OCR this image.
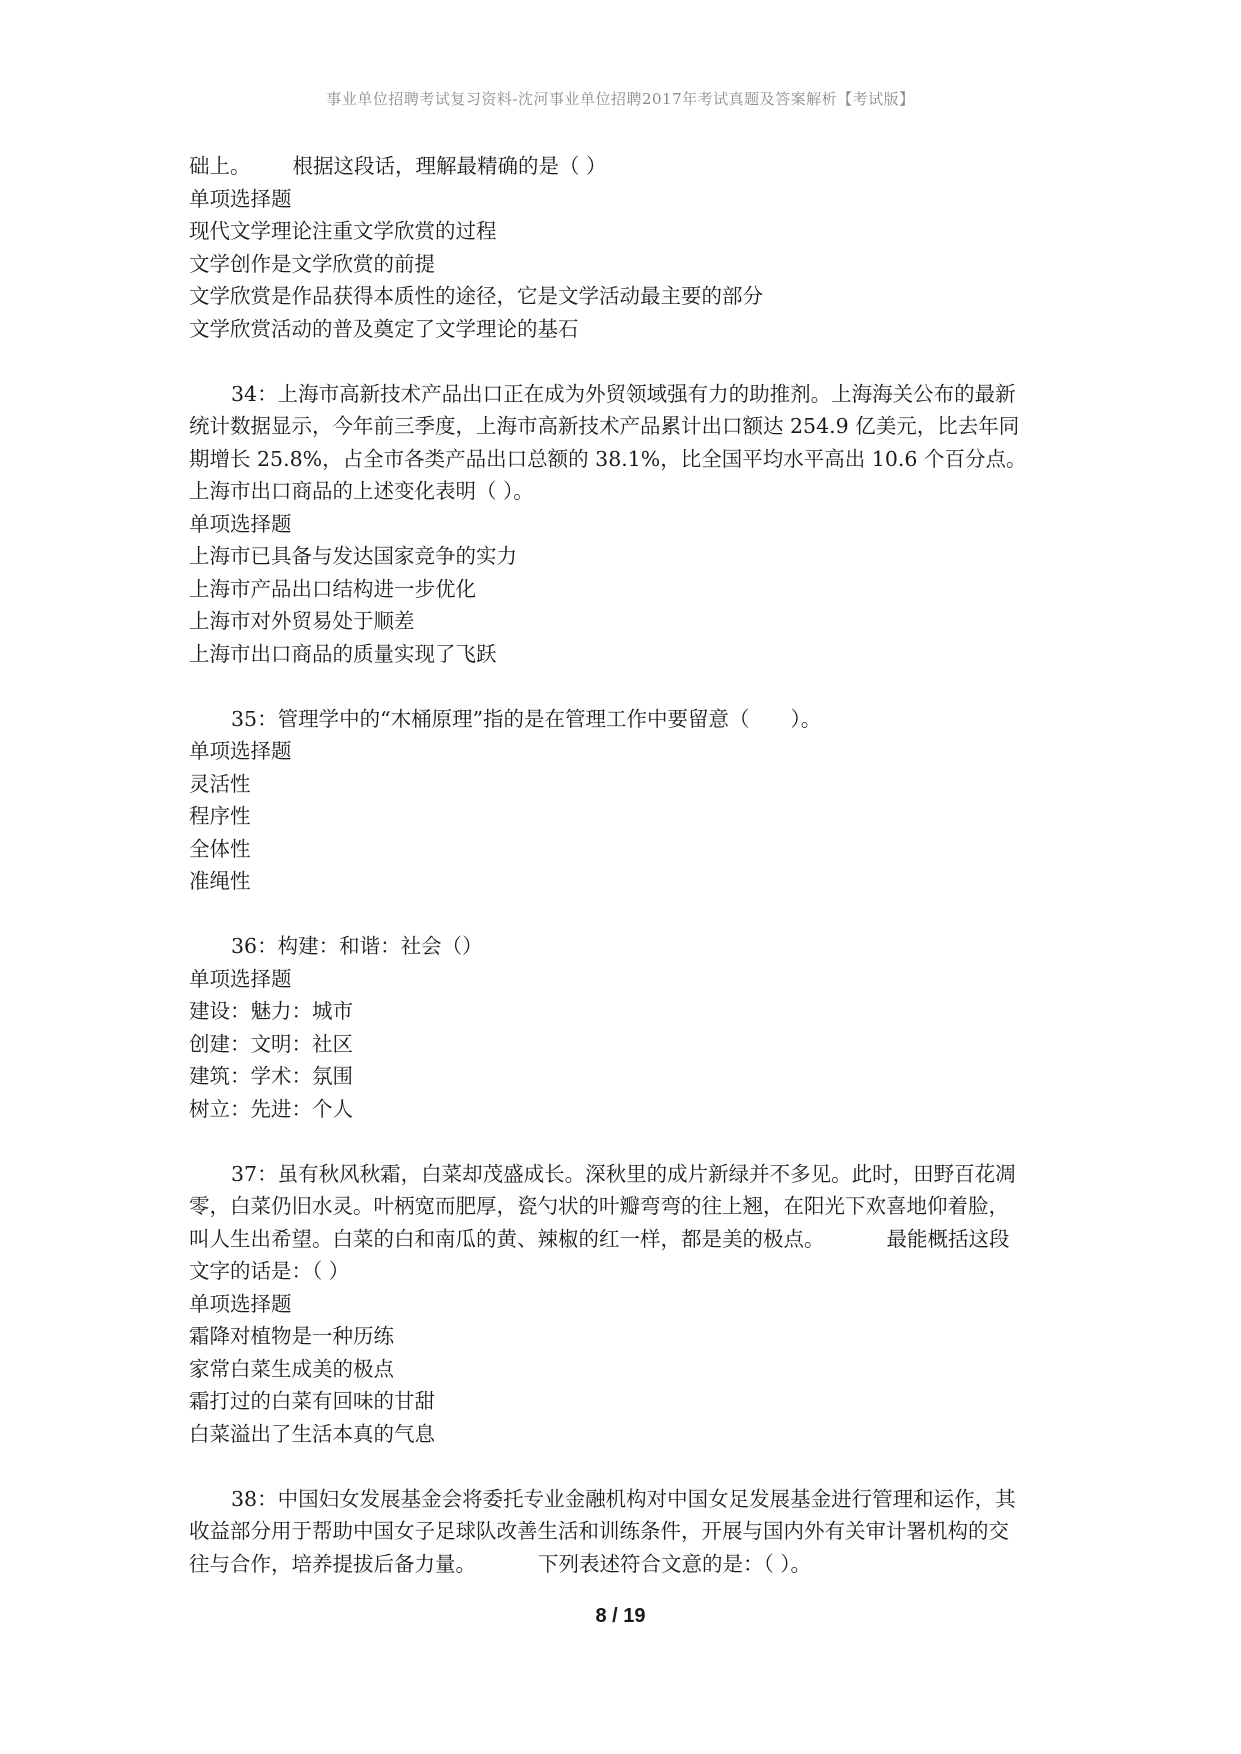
事业单位招聘考试复习资料-沈河事业单位招聘2017年考试真题及答案解析【考试版】
础上。 根据这段话，理解最精确的是（ ）
单项选择题
现代文学理论注重文学欣赏的过程
文学创作是文学欣赏的前提
文学欣赏是作品获得本质性的途径，它是文学活动最主要的部分
文学欣赏活动的普及奠定了文学理论的基石
34：上海市高新技术产品出口正在成为外贸领域强有力的助推剂。上海海关公布的最新
统计数据显示，今年前三季度，上海市高新技术产品累计出口额达 254.9 亿美元，比去年同
期增长 25.8%，占全市各类产品出口总额的 38.1%，比全国平均水平高出 10.6 个百分点。
上海市出口商品的上述变化表明（ ）。
单项选择题
上海市已具备与发达国家竞争的实力
上海市产品出口结构进一步优化
上海市对外贸易处于顺差
上海市出口商品的质量实现了飞跃
35：管理学中的“木桶原理”指的是在管理工作中要留意（　　）。
单项选择题
灵活性
程序性
全体性
准绳性
36：构建：和谐：社会（）
单项选择题
建设：魅力：城市
创建：文明：社区
建筑：学术：氛围
树立：先进：个人
37：虽有秋风秋霜，白菜却茂盛成长。深秋里的成片新绿并不多见。此时，田野百花凋
零，白菜仍旧水灵。叶柄宽而肥厚，瓷勺状的叶瓣弯弯的往上翘，在阳光下欢喜地仰着脸，
叫人生出希望。白菜的白和南瓜的黄、辣椒的红一样，都是美的极点。	最能概括这段
文字的话是：（ ）
单项选择题
霜降对植物是一种历练
家常白菜生成美的极点
霜打过的白菜有回味的甘甜
白菜溢出了生活本真的气息
38：中国妇女发展基金会将委托专业金融机构对中国女足发展基金进行管理和运作，其
收益部分用于帮助中国女子足球队改善生活和训练条件，开展与国内外有关审计署机构的交
往与合作，培养提拔后备力量。	下列表述符合文意的是：（ ）。
8 / 19
